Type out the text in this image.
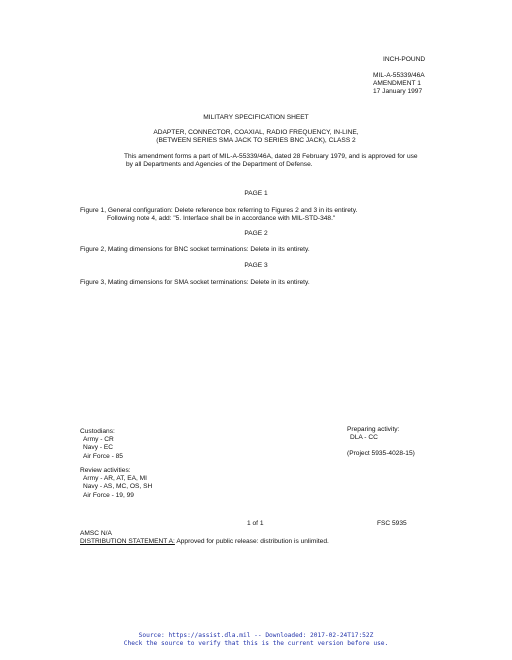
INCH-POUND
MIL-A-55339/46A
AMENDMENT 1
17 January 1997
MILITARY SPECIFICATION SHEET
ADAPTER, CONNECTOR, COAXIAL, RADIO FREQUENCY, IN-LINE,
(BETWEEN SERIES SMA JACK TO SERIES BNC JACK), CLASS 2
This amendment forms a part of MIL-A-55339/46A, dated 28 February 1979, and is approved for use
by all Departments and Agencies of the Department of Defense.
PAGE 1
Figure 1, General configuration: Delete reference box referring to Figures 2 and 3 in its entirety.
Following note 4, add: "5. Interface shall be in accordance with MIL-STD-348."
PAGE 2
Figure 2, Mating dimensions for BNC socket terminations: Delete in its entirety.
PAGE 3
Figure 3, Mating dimensions for SMA socket terminations: Delete in its entirety.
Custodians:
Army - CR
Navy - EC
Air Force - 85
Preparing activity:
DLA - CC
(Project 5935-4028-15)
Review activities:
Army - AR, AT, EA, MI
Navy - AS, MC, OS, SH
Air Force - 19, 99
1 of 1	FSC 5935
AMSC N/A
DISTRIBUTION STATEMENT A: Approved for public release: distribution is unlimited.
Source: https://assist.dla.mil -- Downloaded: 2017-02-24T17:52Z
Check the source to verify that this is the current version before use.
